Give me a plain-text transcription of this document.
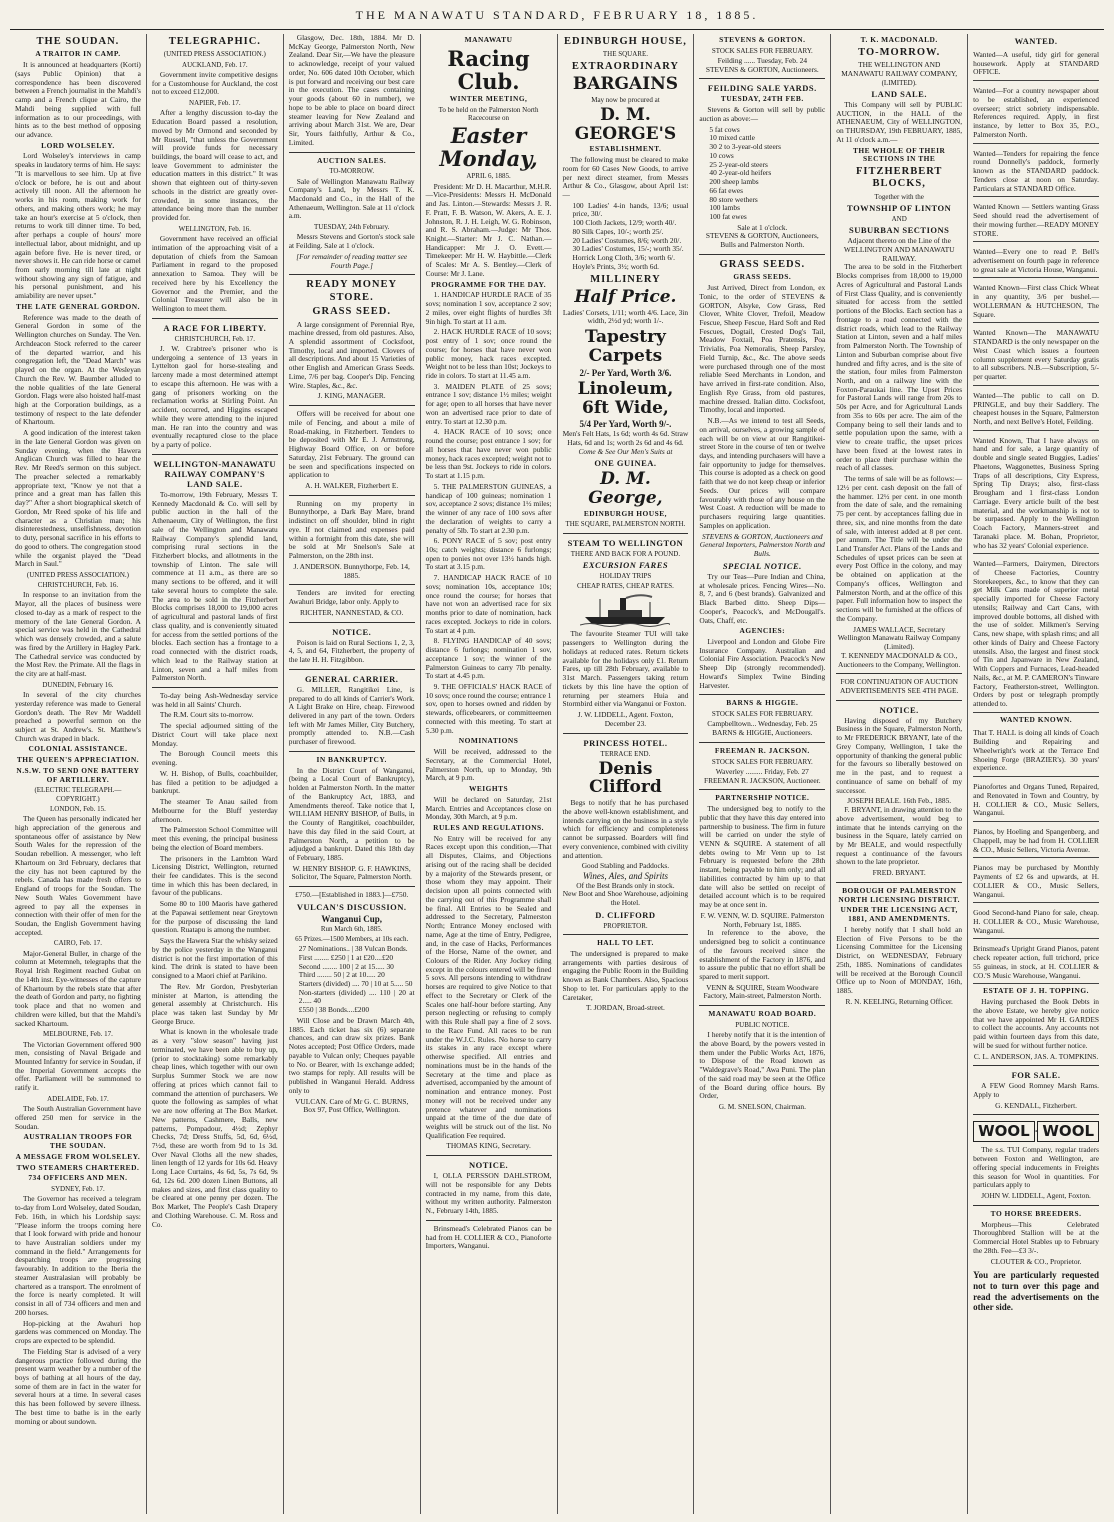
THE MANAWATU STANDARD, FEBRUARY 18, 1885.
THE SOUDAN.
A TRAITOR IN CAMP.

It is announced at headquarters (Korti) (says Public Opinion) that a correspondence has been discovered between a French journalist in the Mahdi's camp and a French clique at Cairo, the Mahdi being supplied with full information as to our proceedings, with hints as to the best method of opposing our advance.

LORD WOLSELEY.

Lord Wolseley's interviews in camp speaks in laudatory terms of him. He says: "It is marvellous to see him. Up at five o'clock or before, he is out and about actively till noon. All the afternoon he works in his room, making work for others, and making others work; he may take an hour's exercise at 5 o'clock, then returns to work till dinner time. To bed, after perhaps a couple of hours' more intellectual labor, about midnight, and up again before five. He is never tired, or never shows it. He can ride horse or camel from early morning till late at night without showing any sign of fatigue, and his personal punishment, and his amiability are never upset."

THE LATE GENERAL GORDON.

Reference was made to the death of General Gordon in some of the Wellington churches on Sunday. The Ven. Archdeacon Stock referred to the career of the departed warrior, and his congregation left, the "Dead March" was played on the organ. At the Wesleyan Church the Rev. W. Baumber alluded to the noble qualities of the late General Gordon. Flags were also hoisted half-mast high at the Corporation buildings, as a testimony of respect to the late defender of Khartoum.

A good indication of the interest taken in the late General Gordon was given on Sunday evening, when the Hawera Anglican Church was filled to hear the Rev. Mr Reed's sermon on this subject. The preacher selected a remarkably appropriate text, "Know ye not that a prince and a great man has fallen this day?" After a short biographical sketch of Gordon, Mr Reed spoke of his life and character as a Christian man; his disinterestedness, unselfishness, devotion to duty, personal sacrifice in his efforts to do good to others. The congregation stood while the organist played the "Dead March in Saul."

(UNITED PRESS ASSOCIATION.)
CHRISTCHURCH, Feb. 16.

In response to an invitation from the Mayor, all the places of business were closed to-day as a mark of respect to the memory of the late General Gordon. A special service was held in the Cathedral which was densely crowded, and a salute was fired by the Artillery in Hagley Park. The Cathedral service was conducted by the Most Rev. the Primate. All the flags in the city are at half-mast.

DUNEDIN, February 16.

In several of the city churches yesterday reference was made to General Gordon's death. The Rev Mr Waddell preached a powerful sermon on the subject at St. Andrew's. St. Matthew's Church was draped in black.

COLONIAL ASSISTANCE.
THE QUEEN'S APPRECIATION.
N.S.W. TO SEND ONE BATTERY OF ARTILLERY.
(ELECTRIC TELEGRAPH.—COPYRIGHT.)
LONDON, Feb. 15.

The Queen has personally indicated her high appreciation of the generous and spontaneous offer of assistance by New South Wales for the repression of the Soudan rebellion. A messenger, who left Khartoum on 3rd February, declares that the city has not been captured by the rebels. Canada has made fresh offers to England of troops for the Soudan. The New South Wales Government have agreed to pay all the expenses in connection with their offer of men for the Soudan, the English Government having accepted.

CAIRO, Feb. 17.

Major-General Buller, in charge of the column at Metemneh, telegraphs that the Royal Irish Regiment reached Gubat on the 14th inst. Eye-witnesses of the capture of Khartoum by the rebels state that after the death of Gordon and party, no fighting took place and that no women and children were killed, but that the Mahdi's sacked Khartoum.

MELBOURNE, Feb. 17.

The Victorian Government offered 900 men, consisting of Naval Brigade and Mounted Infantry for service in Soudan, if the Imperial Government accepts the offer. Parliament will be summoned to ratify it.

ADELAIDE, Feb. 17.

The South Australian Government have offered 250 men for service in the Soudan.

AUSTRALIAN TROOPS FOR THE SOUDAN.
A MESSAGE FROM WOLSELEY.
TWO STEAMERS CHARTERED.
734 OFFICERS AND MEN.
SYDNEY, Feb. 17.

The Governor has received a telegram to-day from Lord Wolseley, dated Soudan, Feb. 16th, in which his Lordship says: "Please inform the troops coming here that I look forward with pride and honour to have Australian soldiers under my command in the field." Arrangements for despatching troops are progressing favourably. In addition to the Iberia the steamer Australasian will probably be chartered as a transport. The enrolment of the force is nearly completed. It will consist in all of 734 officers and men and 200 horses.

Hop-picking at the Awahuri hop gardens was commenced on Monday. The crops are expected to be splendid.

The Fielding Star is advised of a very dangerous practice followed during the present warm weather by a number of the boys of bathing at all hours of the day, some of them are in fact in the water for several hours at a time. In several cases this has been followed by severe illness. The best time to bathe is in the early morning or about sundown.

TELEGRAPHIC.
(UNITED PRESS ASSOCIATION.)
AUCKLAND, Feb. 17.

Government invite competitive designs for a Customhouse for Auckland, the cost not to exceed £12,000.

NAPIER, Feb. 17.

After a lengthy discussion to-day the Education Board passed a resolution, moved by Mr Ormond and seconded by Mr Russell, "that unless the Government will provide funds for necessary buildings, the board will cease to act, and leave Government to administer the education matters in this district." It was shown that eighteen out of thirty-seven schools in the district are greatly over-crowded, in some instances, the attendance being more than the number provided for.

WELLINGTON, Feb. 16.

Government have received an official intimation of the approaching visit of a deputation of chiefs from the Samoan Parliament in regard to the proposed annexation to Samoa. They will be received here by his Excellency the Governor and the Premier, and the Colonial Treasurer will also be in Wellington to meet them.

A RACE FOR LIBERTY.
CHRISTCHURCH, Feb. 17.

J. W. Crabtree's prisoner who is undergoing a sentence of 13 years in Lyttelton gaol for horse-stealing and larceny made a most determined attempt to escape this afternoon. He was with a gang of prisoners working on the reclamation works at Stirling Point. An accident, occurred, and Higgins escaped while they were attending to the injured man. He ran into the country and was eventually recaptured close to the place by a party of police.

WELLINGTON-MANAWATU RAILWAY COMPANY'S LAND SALE.

To-morrow, 19th February, Messrs T. Kennedy Macdonald & Co. will sell by public auction in the hall of the Athenaeum, City of Wellington, the first sale of the Wellington and Manawatu Railway Company's splendid land, comprising rural sections in the Fitzherbert blocks, and allotments in the township of Linton. The sale will commence at 11 a.m., as there are so many sections to be offered, and it will take several hours to complete the sale. The area to be sold in the Fitzherbert Blocks comprises 18,000 to 19,000 acres of agricultural and pastoral lands of first class quality, and is conveniently situated for access from the settled portions of the blocks. Each section has a frontage to a road connected with the district roads, which lead to the Railway station at Linton, seven and a half miles from Palmerston North.

To-day being Ash-Wednesday service was held in all Saints' Church.

The R.M. Court sits to-morrow.

The special adjourned sitting of the District Court will take place next Monday.

The Borough Council meets this evening.

W. H. Bishop, of Bulls, coachbuilder, has filed a petition to be adjudged a bankrupt.

The steamer Te Anau sailed from Melbourne for the Bluff yesterday afternoon.

The Palmerston School Committee will meet this evening, the principal business being the election of Board members.

The prisoners in the Lambton Ward Licensing District, Wellington, returned their fee candidates. This is the second time in which this has been declared, in favour of the publicans.

Some 80 to 100 Maoris have gathered at the Papawai settlement near Greytown for the purpose of discussing the land question. Ruatapu is among the number.

Says the Hawera Star the whisky seized by the police yesterday in the Wanganui district is not the first importation of this kind. The drink is stated to have been consigned to a Maori chief at Parikino.

The Rev. Mr Gordon, Presbyterian minister at Marton, is attending the general assembly at Christchurch. His place was taken last Sunday by Mr George Bruce.

What is known in the wholesale trade as a very "slow season" having just terminated, we have been able to buy up, (prior to stocktaking) some remarkably cheap lines, which together with our own Surplus Summer Stock we are now offering at prices which cannot fail to command the attention of purchasers. We quote the following as samples of what we are now offering at The Box Market. New patterns, Cashmere, Balls, new patterns, Pompadour, 4½d; Zephyr Checks, 7d; Dress Stuffs, 5d, 6d, 6½d, 7½d, these are worth from 9d to 1s 3d. Over Naval Cloths all the new shades, linen length of 12 yards for 10s 6d. Heavy Long Lace Curtains, 4s 6d, 5s, 7s 6d, 9s 6d, 12s 6d. 200 dozen Linen Buttons, all makes and sizes, and first class quality to be cleared at one penny per dozen. The Box Market, The People's Cash Drapery and Clothing Warehouse. C. M. Ross and Co.

Glasgow, Dec. 18th, 1884. Mr D. McKay George, Palmerston North, New Zealand. Dear Sir,—We have the pleasure to acknowledge, receipt of your valued order, No. 606 dated 10th October, which is put forward and receiving our best care in the execution. The cases containing your goods (about 60 in number), we hope to be able to place on board direct steamer leaving for New Zealand and arriving about March 31st. We are, Dear Sir, Yours faithfully, Arthur & Co., Limited.

AUCTION SALES.
TO-MORROW.

Sale of Wellington Manawatu Railway Company's Land, by Messrs T. K. Macdonald and Co., in the Hall of the Athenaeum, Wellington. Sale at 11 o'clock a.m.

TUESDAY, 24th February.

Messrs Stevens and Gorton's stock sale at Feilding. Sale at 1 o'clock.

[For remainder of reading matter see Fourth Page.]

READY MONEY STORE.
GRASS SEED.

A large consignment of Perennial Rye, machine dressed, from old pastures. Also, A splendid assortment of Cocksfoot, Timothy, local and imported. Clovers of all descriptions. And about 15 Varieties of other English and American Grass Seeds. Lime, 7/6 per bag. Cooper's Dip. Fencing Wire. Staples, &c., &c.

J. KING, MANAGER.

Offers will be received for about one mile of Fencing, and about a mile of Road-making, in Fitzherbert. Tenders to be deposited with Mr E. J. Armstrong, Highway Board Office, on or before Saturday, 21st February. The ground can be seen and specifications inspected on application to

A. H. WALKER, Fitzherbert E.

Running on my property in Bunnythorpe, a Dark Bay Mare, brand indistinct on off shoulder, blind in right eye. If not claimed and expenses paid within a fortnight from this date, she will be sold at Mr Snelson's Sale at Palmerston, on the 28th inst.

J. ANDERSON. Bunnythorpe, Feb. 14, 1885.

Tenders are invited for erecting Awahuri Bridge, labor only. Apply to

RICHTER, NANNESTAD, & CO.

NOTICE.

Poison is laid on Rural Sections 1, 2, 3, 4, 5, and 64, Fitzherbert, the property of the late H. H. Fitzgibbon.

GENERAL CARRIER.

G. MILLER, Rangitikei Line, is prepared to do all kinds of Carrier's Work. A Light Brake on Hire, cheap. Firewood delivered in any part of the town. Orders left with Mr James Miller, City Butchery, promptly attended to. N.B.—Cash purchaser of firewood.

IN BANKRUPTCY.

In the District Court of Wanganui, (being a Local Court of Bankruptcy), holden at Palmerston North. In the matter of the Bankruptcy Act, 1883, and Amendments thereof. Take notice that I, WILLIAM HENRY BISHOP, of Bulls, in the County of Rangitikei, coachbuilder, have this day filed in the said Court, at Palmerston North, a petition to be adjudged a bankrupt. Dated this 18th day of February, 1885.

W. HENRY BISHOP. G. F. HAWKINS, Solicitor, The Square, Palmerston North.

£750.—[Established in 1883.]—£750.
VULCAN'S DISCUSSION.
Wanganui Cup,
Run March 6th, 1885.
65 Prizes.—1500 Members, at 10s each.
27 Nominations.. | 38 Vulcan Bonds.
First ........ £250 | 1 at £20....£20
Second ........ 100 | 2 at 15..... 30
Third ........ 50 | 2 at 10..... 20
Starters (divided) .... 70 | 10 at 5..... 50
Non-starters (divided) .... 110 | 20 at 2..... 40
£550 | 38 Bonds....£200

Will Close and be Drawn March 4th, 1885. Each ticket has six (6) separate chances, and can draw six prizes. Bank Notes accepted; Post Office Orders, made payable to Vulcan only; Cheques payable to No. or Bearer, with 1s exchange added; two stamps for reply. All results will be published in Wanganui Herald. Address only to

VULCAN. Care of Mr G. C. BURNS, Box 97, Post Office, Wellington.

MANAWATU
Racing Club.
WINTER MEETING,
To be held on the Palmerston North Racecourse on
Easter Monday,
APRIL 6, 1885.

President: Mr D. H. Macarthur, M.H.R.—Vice-Presidents: Messrs H. McDonald and Jas. Linton.—Stewards: Messrs J. R. F. Pratt, F. B. Watson, W. Akers, A. E. J. Johnston, R. J. H. Leigh, W. G. Robinson, and R. S. Abraham.—Judge: Mr Thos. Knight.—Starter: Mr J. C. Nathan.—Handicapper: Mr J. O. Evett.—Timekeeper: Mr H. W. Haybittle.—Clerk of Scales: Mr A. S. Bentley.—Clerk of Course: Mr J. Lane.

PROGRAMME FOR THE DAY.

1. HANDICAP HURDLE RACE of 35 sovs; nomination 1 sov, acceptance 2 sov; 2 miles, over eight flights of hurdles 3ft 9in high. To start at 11 a.m.

2. HACK HURDLE RACE of 10 sovs; post entry of 1 sov; once round the course; for horses that have never won public money, hack races excepted. Weight not to be less than 10st; Jockeys to ride in colors. To start at 11.45 a.m.

3. MAIDEN PLATE of 25 sovs; entrance 1 sov; distance 1½ miles; weight for age; open to all horses that have never won an advertised race prior to date of entry. To start at 12.30 p.m.

4. HACK RACE of 10 sovs; once round the course; post entrance 1 sov; for all horses that have never won public money, hack races excepted; weight not to be less than 9st. Jockeys to ride in colors. To start at 1.15 p.m.

5. THE PALMERSTON GUINEAS, a handicap of 100 guineas; nomination 1 sov, acceptance 2 sovs; distance 1½ miles; the winner of any race of 100 sovs after the declaration of weights to carry a penalty of 5lb. To start at 2.30 p.m.

6. PONY RACE of 5 sov; post entry 10s; catch weights; distance 6 furlongs; open to ponies not over 13½ hands high. To start at 3.15 p.m.

7. HANDICAP HACK RACE of 10 sovs; nomination 10s, acceptance 10s; once round the course; for horses that have not won an advertised race for six months prior to date of nomination, hack races excepted. Jockeys to ride in colors. To start at 4 p.m.

8. FLYING HANDICAP of 40 sovs; distance 6 furlongs; nomination 1 sov, acceptance 1 sov; the winner of the Palmerston Guineas to carry 7lb penalty. To start at 4.45 p.m.

9. THE OFFICIALS' HACK RACE of 10 sovs; once round the course; entrance 1 sov, open to horses owned and ridden by stewards, officebearers, or committeemen connected with this meeting. To start at 5.30 p.m.

NOMINATIONS

Will be received, addressed to the Secretary, at the Commercial Hotel, Palmerston North, up to Monday, 9th March, at 9 p.m.

WEIGHTS

Will be declared on Saturday, 21st March. Entries and Acceptances close on Monday, 30th March, at 9 p.m.

RULES AND REGULATIONS.

No Entry will be received for any Races except upon this condition,—That all Disputes, Claims, and Objections arising out of the racing shall be decided by a majority of the Stewards present, or those whom they may appoint. Their decision upon all points connected with the carrying out of this Programme shall be final. All Entries to be Sealed and addressed to the Secretary, Palmerston North; Entrance Money enclosed with name, Age at the time of Entry, Pedigree, and, in the case of Hacks, Performances of the Horse, Name of the owner, and Colours of the Rider. Any Jockey riding except in the colours entered will be fined 5 sovs. All persons intending to withdraw horses are required to give Notice to that effect to the Secretary or Clerk of the Scales one half-hour before starting. Any person neglecting or refusing to comply with this Rule shall pay a fine of 2 sovs. to the Race Fund. All races to be run under the W.J.C. Rules. No horse to carry its stakes in any race except where otherwise specified. All entries and nominations must be in the hands of the Secretary at the time and place as advertised, accompanied by the amount of nomination and entrance money. Post money will not be received under any pretence whatever and nominations unpaid at the time of the due date of weights will be struck out of the list. No Qualification Fee required.

THOMAS KING, Secretary.

NOTICE.

I, OLLA PERSSON DAHLSTROM, will not be responsible for any Debts contracted in my name, from this date, without my written authority. Palmerston N., February 14th, 1885.

Brinsmead's Celebrated Pianos can be had from H. COLLIER & CO., Pianoforte Importers, Wanganui.

EDINBURGH HOUSE,
THE SQUARE.
EXTRAORDINARY
BARGAINS
May now be procured at
D. M. GEORGE'S
ESTABLISHMENT.

The following must be cleared to make room for 60 Cases New Goods, to arrive per next direct steamer, from Messrs Arthur & Co., Glasgow, about April 1st:—

100 Ladies' 4-in hands, 13/6; usual price, 30/.
100 Cloth Jackets, 12/9; worth 40/.
80 Silk Capes, 10/-; worth 25/.
20 Ladies' Costumes, 8/6; worth 20/.
30 Ladies' Costumes, 15/-; worth 35/.
Horrick Long Cloth, 3/6; worth 6/.
Hoyle's Prints, 3½; worth 6d.
MILLINERY
Half Price.

Ladies' Corsets, 1/11; worth 4/6. Lace, 3in width, 2½d yd; worth 1/-.

Tapestry Carpets
2/- Per Yard, Worth 3/6.
Linoleum, 6ft Wide,
5/4 Per Yard, Worth 9/-.

Men's Felt Hats, 1s 6d; worth 4s 6d. Straw Hats, 6d and 1s; worth 2s 6d and 4s 6d.

Come & See Our Men's Suits at
ONE GUINEA.
D. M. George,
EDINBURGH HOUSE,
THE SQUARE, PALMERSTON NORTH.
STEAM TO WELLINGTON
THERE AND BACK FOR A POUND.
EXCURSION FARES
HOLIDAY TRIPS
CHEAP RATES, CHEAP RATES.

The favourite Steamer TUI will take passengers to Wellington during the holidays at reduced rates. Return tickets available for the holidays only £1. Return Fares, up till 28th February, available to 31st March. Passengers taking return tickets by this line have the option of returning per steamers Huia and Stormbird either via Wanganui or Foxton.

J. W. LIDDELL, Agent. Foxton, December 23.

PRINCESS HOTEL.
TERRACE END.
Denis Clifford

Begs to notify that he has purchased the above well-known establishment, and intends carrying on the business in a style which for efficiency and completeness cannot be surpassed. Boarders will find every convenience, combined with civility and attention.

Good Stabling and Paddocks.
Wines, Ales, and Spirits
Of the Best Brands only in stock.
New Boot and Shoe Warehouse, adjoining the Hotel.
D. CLIFFORD
PROPRIETOR.
HALL TO LET.

The undersigned is prepared to make arrangements with parties desirous of engaging the Public Room in the Building known as Bank Chambers. Also, Spacious Shop to let. For particulars apply to the Caretaker,

T. JORDAN, Broad-street.

STEVENS & GORTON.
STOCK SALES FOR FEBRUARY.
Feilding ...... Tuesday, Feb. 24
STEVENS & GORTON, Auctioneers.
FEILDING SALE YARDS.
TUESDAY, 24TH FEB.

Stevens & Gorton will sell by public auction as above:—

5 fat cows
10 mixed cattle
30 2 to 3-year-old steers
10 cows
25 2-year-old steers
40 2-year-old heifers
200 sheep lambs
66 fat ewes
80 store wethers
100 lambs
100 fat ewes
Sale at 1 o'clock.
STEVENS & GORTON, Auctioneers, Bulls and Palmerston North.
GRASS SEEDS.
GRASS SEEDS.

Just Arrived, Direct from London, ex Tonic, to the order of STEVENS & GORTON, Alsyke, Cow Grass, Red Clover, White Clover, Trefoil, Meadow Fescue, Sheep Fescue, Hard Soft and Red Fescues, Dogtail, Crested Dog's Tail, Meadow Foxtail, Poa Pratensis, Poa Trivialis, Poa Nemoralis, Sheep Parsley, Field Turnip, &c., &c. The above seeds were purchased through one of the most reliable Seed Merchants in London, and have arrived in first-rate condition. Also, English Rye Grass, from old pastures, machine dressed. Italian ditto. Cocksfoot, Timothy, local and imported.

N.B.—As we intend to test all Seeds, on arrival, ourselves, a growing sample of each will be on view at our Rangitikei-street Store in the course of ten or twelve days, and intending purchasers will have a fair opportunity to judge for themselves. This course is adopted as a check on good faith that we do not keep cheap or inferior Seeds. Our prices will compare favourably with those of any house on the West Coast. A reduction will be made to purchasers requiring large quantities. Samples on application.

STEVENS & GORTON, Auctioneers and General Importers, Palmerston North and Bulls.
SPECIAL NOTICE.

Try our Teas—Pure Indian and China, at wholesale prices. Fencing Wires—No. 8, 7, and 6 (best brands). Galvanized and Black Barbed ditto. Sheep Dips—Cooper's, Peacock's, and McDougall's. Oats, Chaff, etc.

AGENCIES:

Liverpool and London and Globe Fire Insurance Company. Australian and Colonial Fire Association. Peacock's New Sheep Dip (strongly recommended). Howard's Simplex Twine Binding Harvester.

BARNS & HIGGIE.
STOCK SALES FOR FEBRUARY.
Campbelltown... Wednesday, Feb. 25
BARNS & HIGGIE, Auctioneers.
FREEMAN R. JACKSON.
STOCK SALES FOR FEBRUARY.
Waverley ......... Friday, Feb. 27
FREEMAN R. JACKSON, Auctioneer.
PARTNERSHIP NOTICE.

The undersigned beg to notify to the public that they have this day entered into partnership to business. The firm in future will be carried on under the style of VENN & SQUIRE. A statement of all debts owing to Mr Venn up to 1st February is requested before the 28th instant, being payable to him only; and all liabilities contracted by him up to that date will also be settled on receipt of detailed account which is to be required may be at once sent in.

F. W. VENN, W. D. SQUIRE. Palmerston North, February 1st, 1885.

In reference to the above, the undersigned beg to solicit a continuance of the favours received since the establishment of the Factory in 1876, and to assure the public that no effort shall be spared to merit support.

VENN & SQUIRE, Steam Woodware Factory, Main-street, Palmerston North.
MANAWATU ROAD BOARD.
PUBLIC NOTICE.

I hereby notify that it is the intention of the above Board, by the powers vested in them under the Public Works Act, 1876, to Dispose of the Road known as "Waldegrave's Road," Awa Puni. The plan of the said road may be seen at the Office of the Board during office hours. By Order,

G. M. SNELSON, Chairman.
T. K. MACDONALD.
TO-MORROW.
THE WELLINGTON AND MANAWATU RAILWAY COMPANY,
(LIMITED).
LAND SALE.

This Company will sell by PUBLIC AUCTION, in the HALL of the ATHENAEUM, City of WELLINGTON, on THURSDAY, 19th FEBRUARY, 1885, At 11 o'clock a.m.—

THE WHOLE OF THEIR SECTIONS IN THE
FITZHERBERT BLOCKS,
Together with the
TOWNSHIP OF LINTON
AND
SUBURBAN SECTIONS
Adjacent thereto on the Line of the WELLINGTON AND MANAWATU RAILWAY.

The area to be sold in the Fitzherbert Blocks comprises from 18,000 to 19,000 Acres of Agricultural and Pastoral Lands of First Class Quality, and is conveniently situated for access from the settled portions of the Blocks. Each section has a frontage to a road connected with the district roads, which lead to the Railway Station at Linton, seven and a half miles from Palmerston North. The Township of Linton and Suburban comprise about five hundred and fifty acres, and is the site of the station, four miles from Palmerston North, and on a railway line with the Foxton-Paraukai line. The Upset Prices for Pastoral Lands will range from 20s to 50s per Acre, and for Agricultural Lands from 35s to 60s per acre. The aim of the Company being to sell their lands and to settle population upon the same, with a view to create traffic, the upset prices have been fixed at the lowest rates in order to place their purchase within the reach of all classes.

The terms of sale will be as follows:— 12½ per cent. cash deposit on the fall of the hammer. 12½ per cent. in one month from the date of sale, and the remaining 75 per cent. by acceptances falling due in three, six, and nine months from the date of sale, with interest added at 8 per cent. per annum. The Title will be under the Land Transfer Act. Plans of the Lands and Schedules of upset prices can be seen at every Post Office in the colony, and may be obtained on application at the Company's offices, Wellington and Palmerston North, and at the office of this paper. Full information how to inspect the sections will be furnished at the offices of the Company.

JAMES WALLACE, Secretary Wellington Manawatu Railway Company (Limited).
T. KENNEDY MACDONALD & CO., Auctioneers to the Company, Wellington.
FOR CONTINUATION OF AUCTION ADVERTISEMENTS SEE 4TH PAGE.
NOTICE.

Having disposed of my Butchery Business in the Square, Palmerston North, to Mr FREDERICK BRYANT, late of the Grey Company, Wellington, I take the opportunity of thanking the general public for the favours so liberally bestowed on me in the past, and to request a continuance of same on behalf of my successor.

JOSEPH BEALE. 16th Feb., 1885.

F. BRYANT, in drawing attention to the above advertisement, would beg to intimate that he intends carrying on the business in the Square, lately carried on by Mr BEALE, and would respectfully request a continuance of the favours shown to the late proprietor.

FRED. BRYANT.
BOROUGH OF PALMERSTON NORTH LICENSING DISTRICT.
UNDER THE LICENSING ACT, 1881, AND AMENDMENTS.

I hereby notify that I shall hold an Election of Five Persons to be the Licensing Committee for the Licensing District, on WEDNESDAY, February 25th, 1885. Nominations of candidates will be received at the Borough Council Office up to Noon of MONDAY, 16th, 1885.

R. N. KEELING, Returning Officer.
WANTED.

Wanted—A useful, tidy girl for general housework. Apply at STANDARD OFFICE.

Wanted—For a country newspaper about to be established, an experienced overseer; strict sobriety indispensable. References required. Apply, in first instance, by letter to Box 35, P.O., Palmerston North.

Wanted—Tenders for repairing the fence round Donnelly's paddock, formerly known as the STANDARD paddock. Tenders close at noon on Saturday. Particulars at STANDARD Office.

Wanted Known — Settlers wanting Grass Seed should read the advertisement of their mowing further.—READY MONEY STORE.

Wanted—Every one to read P. Bell's advertisement on fourth page in reference to great sale at Victoria House, Wanganui.

Wanted Known—First class Chick Wheat in any quantity, 3/6 per bushel.—WOLLERMAN & HUTCHESON, The Square.

Wanted Known—The MANAWATU STANDARD is the only newspaper on the West Coast which issues a fourteen column supplement every Saturday gratis to all subscribers. N.B.—Subscription, 5/- per quarter.

Wanted—The public to call on D. PRINGLE, and buy their Saddlery. The cheapest houses in the Square, Palmerston North, and next Bellve's Hotel, Feilding.

Wanted Known, That I have always on hand and for sale, a large quantity of double and single seated Buggies, Ladies' Phaetons, Waggonettes, Business Spring Traps of all descriptions, City Express, Spring Tip Drays; also, first-class Brougham and 1 first-class London Carriage. Every article built of the best material, and the workmanship is not to be surpassed. Apply to the Wellington Coach Factory, Manners-street and Taranaki place. M. Bohan, Proprietor, who has 32 years' Colonial experience.

Wanted—Farmers, Dairymen, Directors of Cheese Factories, Country Storekeepers, &c., to know that they can get Milk Cans made of superior metal specially imported for Cheese Factory utensils; Railway and Cart Cans, with improved double bottoms, all dished with the use of solder. Milkmen's Serving Cans, new shape, with splash rims; and all other kinds of Dairy and Cheese Factory utensils. Also, the largest and finest stock of Tin and Japanware in New Zealand, With Coppers and Furnaces, Lead-headed Nails, &c., at M. P. CAMERON's Tinware Factory, Featherston-street, Wellington. Orders by post or telegraph promptly attended to.

WANTED KNOWN.

That T. HALL is doing all kinds of Coach Building and Repairing and Wheelwright's work at the Terrace End Shoeing Forge (BRAZIER's). 30 years' experience.

Pianofortes and Organs Tuned, Repaired, and Renovated in Town and Country, by H. COLLIER & CO., Music Sellers, Wanganui.

Pianos, by Hoeling and Spangenberg, and Chappell, may be had from H. COLLIER & CO., Music Sellers, Victoria Avenue.

Pianos may be purchased by Monthly Payments of £2 6s and upwards, at H. COLLIER & CO., Music Sellers, Wanganui.

Good Second-hand Piano for sale, cheap. H. COLLIER & CO., Music Warehouse, Wanganui.

Brinsmead's Upright Grand Pianos, patent check repeater action, full trichord, price 55 guineas, in stock, at H. COLLIER & CO.'S Music Warehouse, Wanganui.

ESTATE OF J. H. TOPPING.

Having purchased the Book Debts in the above Estate, we hereby give notice that we have appointed Mr H. GARDES to collect the accounts. Any accounts not paid within fourteen days from this date, will be sued for without further notice.

C. L. ANDERSON, JAS. A. TOMPKINS.
FOR SALE.

A FEW Good Romney Marsh Rams. Apply to

G. KENDALL, Fitzherbert.
WOOL WOOL

The s.s. TUI Company, regular traders between Foxton and Wellington, are offering special inducements in Freights this season for Wool in quantities. For particulars apply to

JOHN W. LIDDELL, Agent, Foxton.
TO HORSE BREEDERS.

Morpheus—This Celebrated Thoroughbred Stallion will be at the Commercial Hotel Stables up to February the 28th. Fee—£3 3/-.

CLOUTER & CO., Proprietor.

You are particularly requested not to turn over this page and read the advertisements on the other side.
